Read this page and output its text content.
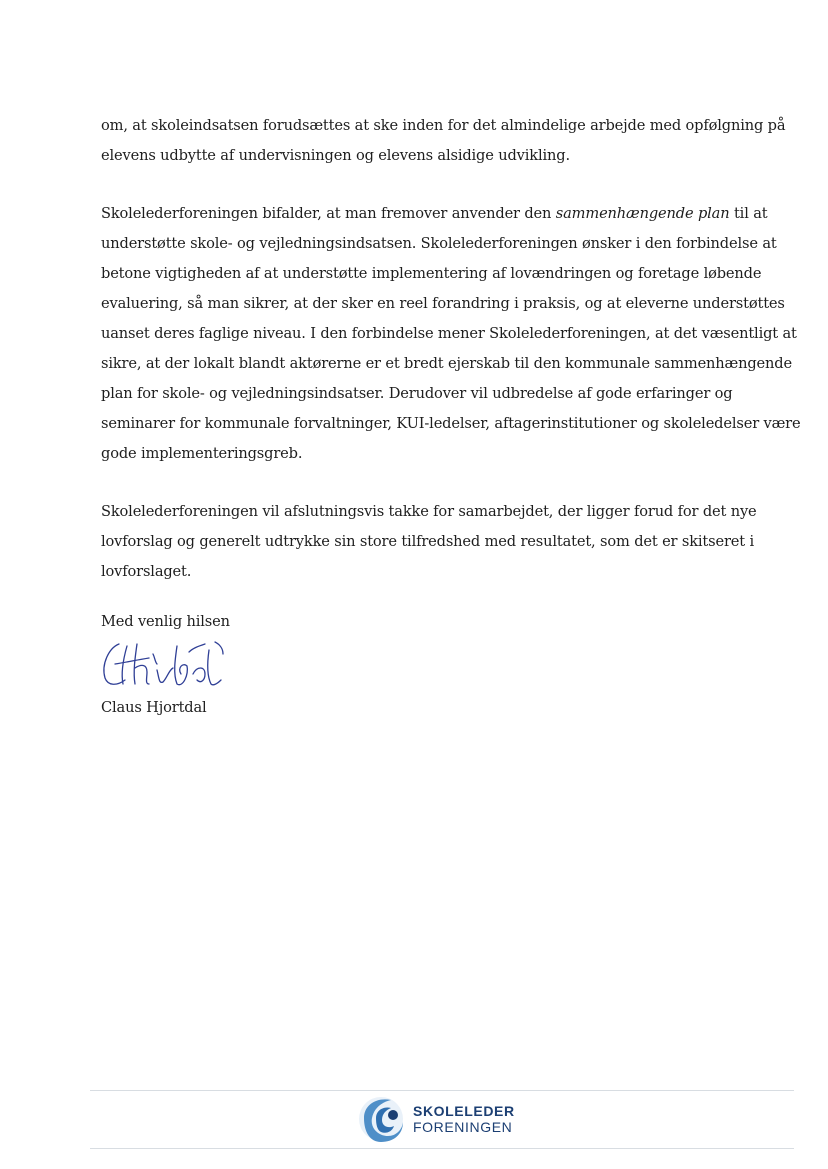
om, at skoleindsatsen forudsættes at ske inden for det almindelige arbejde med opfølgning på
elevens udbytte af undervisningen og elevens alsidige udvikling.
Skolelederforeningen bifalder, at man fremover anvender den sammenhængende plan til at
understøtte skole- og vejledningsindsatsen. Skolelederforeningen ønsker i den forbindelse at
betone vigtigheden af at understøtte implementering af lovændringen og foretage løbende
evaluering, så man sikrer, at der sker en reel forandring i praksis, og at eleverne understøttes
uanset deres faglige niveau. I den forbindelse mener Skolelederforeningen, at det væsentligt at
sikre, at der lokalt blandt aktørerne er et bredt ejerskab til den kommunale sammenhængende
plan for skole- og vejledningsindsatser. Derudover vil udbredelse af gode erfaringer og
seminarer for kommunale forvaltninger, KUI-ledelser, aftagerinstitutioner og skoleledelser være
gode implementeringsgreb.
Skolelederforeningen vil afslutningsvis takke for samarbejdet, der ligger forud for det nye
lovforslag og generelt udtrykke sin store tilfredshed med resultatet, som det er skitseret i
lovforslaget.
Med venlig hilsen
Claus Hjortdal
SKOLELEDER
FORENINGEN
